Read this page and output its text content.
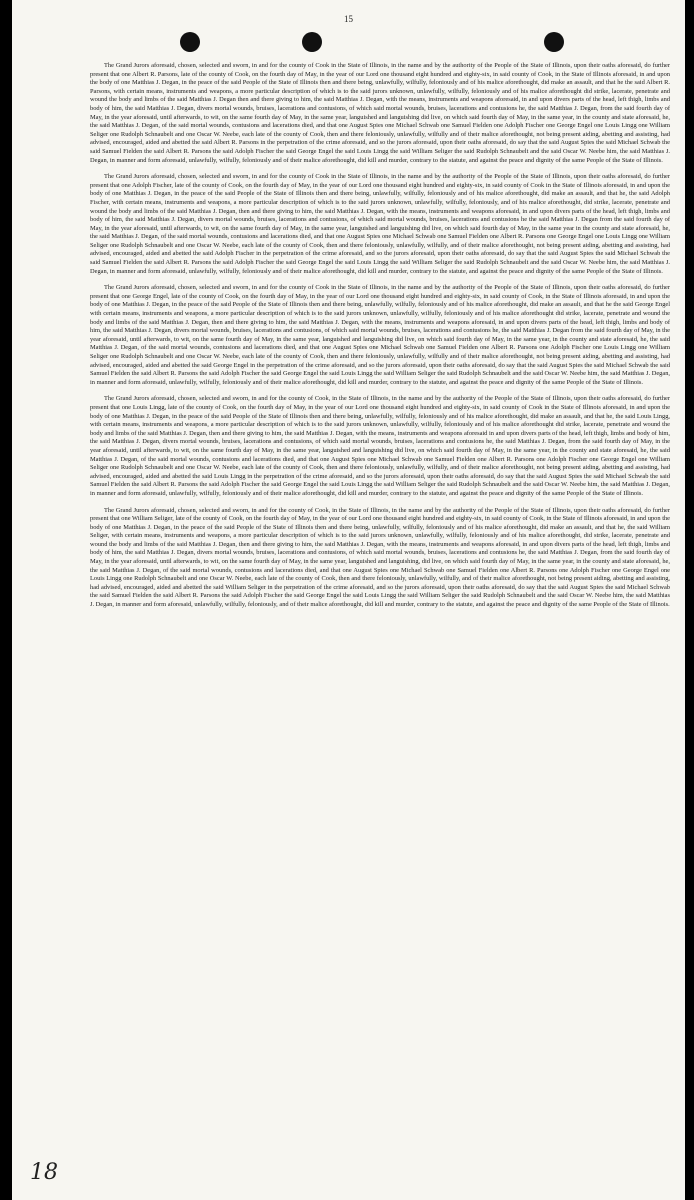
15

The Grand Jurors aforesaid, chosen, selected and sworn, in and for the county of Cook in the State of Illinois, in the name and by the authority of the People of the State of Illinois, upon their oaths aforesaid, do further present that one Albert R. Parsons, late of the county of Cook, on the fourth day of May, in the year of our Lord one thousand eight hundred and eighty-six, in said county of Cook, in the State of Illinois aforesaid, in and upon the body of one Matthias J. Degan, in the peace of the said People of the State of Illinois then and there being, unlawfully, wilfully, feloniously and of his malice aforethought, did make an assault, and that he the said Albert R. Parsons, with certain means, instruments and weapons, a more particular description of which is to the said jurors unknown, unlawfully, wilfully, feloniously and of his malice aforethought did strike, lacerate, penetrate and wound the body and limbs of the said Matthias J. Degan then and there giving to him, the said Matthias J. Degan, with the means, instruments and weapons aforesaid, in and upon divers parts of the head, left thigh, limbs and body of him, the said Matthias J. Degan, divers mortal wounds, bruises, lacerations and contusions, of which said mortal wounds, bruises, lacerations and contusions he, the said Matthias J. Degan, from the said fourth day of May, in the year aforesaid, until afterwards, to wit, on the same fourth day of May, in the same year, languished and languishing did live, on which said fourth day of May, in the same year, in the county and state aforesaid, he, the said Matthias J. Degan, of the said mortal wounds, contusions and lacerations died, and that one August Spies one Michael Schwab one Samuel Fielden one Adolph Fischer one George Engel one Louis Lingg one William Seliger one Rudolph Schnaubelt and one Oscar W. Neebe, each late of the county of Cook, then and there feloniously, unlawfully, wilfully and of their malice aforethought, not being present aiding, abetting and assisting, had advised, encouraged, aided and abetted the said Albert R. Parsons in the perpetration of the crime aforesaid, and so the jurors aforesaid, upon their oaths aforesaid, do say that the said August Spies the said Michael Schwab the said Samuel Fielden the said Albert R. Parsons the said Adolph Fischer the said George Engel the said Louis Lingg the said William Seliger the said Rudolph Schnaubelt and the said Oscar W. Neebe him, the said Matthias J. Degan, in manner and form aforesaid, unlawfully, wilfully, feloniously and of their malice aforethought, did kill and murder, contrary to the statute, and against the peace and dignity of the same People of the State of Illinois.

The Grand Jurors aforesaid, chosen, selected and sworn, in and for the county of Cook in the State of Illinois, in the name and by the authority of the People of the State of Illinois, upon their oaths aforesaid, do further present that one Adolph Fischer, late of the county of Cook, on the fourth day of May, in the year of our Lord one thousand eight hundred and eighty-six, in said county of Cook in the State of Illinois aforesaid, in and upon the body of one Matthias J. Degan, in the peace of the said People of the State of Illinois then and there being, unlawfully, wilfully, feloniously and of his malice aforethought, did make an assault, and that he, the said Adolph Fischer, with certain means, instruments and weapons, a more particular description of which is to the said jurors unknown, unlawfully, wilfully, feloniously, and of his malice aforethought, did strike, lacerate, penetrate and wound the body and limbs of the said Matthias J. Degan, then and there giving to him, the said Matthias J. Degan, with the means, instruments and weapons aforesaid, in and upon divers parts of the head, left thigh, limbs and body of him, the said Matthias J. Degan, divers mortal wounds, bruises, lacerations and contusions, of which said mortal wounds, bruises, lacerations and contusions he the said Matthias J. Degan from the said fourth day of May, in the year aforesaid, until afterwards, to wit, on the same fourth day of May, in the same year, languished and languishing did live, on which said fourth day of May, in the same year in the county and state aforesaid, he, the said Matthias J. Degan, of the said mortal wounds, contusions and lacerations died, and that one August Spies one Michael Schwab one Samuel Fielden one Albert R. Parsons one George Engel one Louis Lingg one William Seliger one Rudolph Schnaubelt and one Oscar W. Neebe, each late of the county of Cook, then and there feloniously, unlawfully, wilfully, and of their malice aforethought, not being present aiding, abetting and assisting, had advised, encouraged, aided and abetted the said Adolph Fischer in the perpetration of the crime aforesaid, and so the jurors aforesaid, upon their oaths aforesaid, do say that the said August Spies the said Michael Schwab the said Samuel Fielden the said Albert R. Parsons the said Adolph Fischer the said George Engel the said Louis Lingg the said William Seliger the said Rudolph Schnaubelt and the said Oscar W. Neebe him, the said Matthias J. Degan, in manner and form aforesaid, unlawfully, wilfully, feloniously and of their malice aforethought, did kill and murder, contrary to the statute, and against the peace and dignity of the same People of the State of Illinois.

The Grand Jurors aforesaid, chosen, selected and sworn, in and for the county of Cook in the State of Illinois, in the name and by the authority of the People of the State of Illinois, upon their oaths aforesaid, do further present that one George Engel, late of the county of Cook, on the fourth day of May, in the year of our Lord one thousand eight hundred and eighty-six, in said county of Cook, in the State of Illinois aforesaid, in and upon the body of one Matthias J. Degan, in the peace of the said People of the State of Illinois then and there being, unlawfully, wilfully, feloniously and of his malice aforethought, did make an assault, and that he the said George Engel with certain means, instruments and weapons, a more particular description of which is to the said jurors unknown, unlawfully, wilfully, feloniously and of his malice aforethought did strike, lacerate, penetrate and wound the body and limbs of the said Matthias J. Degan, then and there giving to him, the said Matthias J. Degan, with the means, instruments and weapons aforesaid, in and upon divers parts of the head, left thigh, limbs and body of him, the said Matthias J. Degan, divers mortal wounds, bruises, lacerations and contusions, of which said mortal wounds, bruises, lacerations and contusions he, the said Matthias J. Degan from the said fourth day of May, in the year aforesaid, until afterwards, to wit, on the same fourth day of May, in the same year, languished and languishing did live, on which said fourth day of May, in the same year, in the county and state aforesaid, he, the said Matthias J. Degan, of the said mortal wounds, contusions and lacerations died, and that one August Spies one Michael Schwab one Samuel Fielden one Albert R. Parsons one Adolph Fischer one Louis Lingg one William Seliger one Rudolph Schnaubelt and one Oscar W. Neebe, each late of the county of Cook, then and there feloniously, unlawfully, wilfully and of their malice aforethought, not being present aiding, abetting and assisting, had advised, encouraged, aided and abetted the said George Engel in the perpetration of the crime aforesaid, and so the jurors aforesaid, upon their oaths aforesaid, do say that the said August Spies the said Michael Schwab the said Samuel Fielden the said Albert R. Parsons the said Adolph Fischer the said George Engel the said Louis Lingg the said William Seliger the said Rudolph Schnaubelt and the said Oscar W. Neebe him, the said Matthias J. Degan, in manner and form aforesaid, unlawfully, wilfully, feloniously and of their malice aforethought, did kill and murder, contrary to the statute, and against the peace and dignity of the same People of the State of Illinois.

The Grand Jurors aforesaid, chosen, selected and sworn, in and for the county of Cook, in the State of Illinois, in the name and by the authority of the People of the State of Illinois, upon their oaths aforesaid, do further present that one Louis Lingg, late of the county of Cook, on the fourth day of May, in the year of our Lord one thousand eight hundred and eighty-six, in said county of Cook in the State of Illinois aforesaid, in and upon the body of one Matthias J. Degan, in the peace of the said People of the State of Illinois then and there being, unlawfully, wilfully, feloniously and of his malice aforethought, did make an assault, and that he, the said Louis Lingg, with certain means, instruments and weapons, a more particular description of which is to the said jurors unknown, unlawfully, wilfully, feloniously and of his malice aforethought did strike, lacerate, penetrate and wound the body and limbs of the said Matthias J. Degan, then and there giving to him, the said Matthias J. Degan, with the means, instruments and weapons aforesaid in and upon divers parts of the head, left thigh, limbs and body of him, the said Matthias J. Degan, divers mortal wounds, bruises, lacerations and contusions, of which said mortal wounds, bruises, lacerations and contusions he, the said Matthias J. Degan, from the said fourth day of May, in the year aforesaid, until afterwards, to wit, on the same fourth day of May, in the same year, languished and languishing did live, on which said fourth day of May, in the same year, in the county and state aforesaid, he, the said Matthias J. Degan, of the said mortal wounds, contusions and lacerations died, and that one August Spies one Michael Schwab one Samuel Fielden one Albert R. Parsons one Adolph Fischer one George Engel one William Seliger one Rudolph Schnaubelt and one Oscar W. Neebe, each late of the county of Cook, then and there feloniously, unlawfully, wilfully, and of their malice aforethought, not being present aiding, abetting and assisting, had advised, encouraged, aided and abetted the said Louis Lingg in the perpetration of the crime aforesaid, and so the jurors aforesaid, upon their oaths aforesaid, do say that the said August Spies the said Michael Schwab the said Samuel Fielden the said Albert R. Parsons the said Adolph Fischer the said George Engel the said Louis Lingg the said William Seliger the said Rudolph Schnaubelt and the said Oscar W. Neebe him, the said Matthias J. Degan, in manner and form aforesaid, unlawfully, wilfully, feloniously and of their malice aforethought, did kill and murder, contrary to the statute, and against the peace and dignity of the same People of the State of Illinois.

The Grand Jurors aforesaid, chosen, selected and sworn, in and for the county of Cook, in the State of Illinois, in the name and by the authority of the People of the State of Illinois, upon their oaths aforesaid, do further present that one William Seliger, late of the county of Cook, on the fourth day of May, in the year of our Lord one thousand eight hundred and eighty-six, in said county of Cook, in the State of Illinois aforesaid, in and upon the body of one Matthias J. Degan, in the peace of the said People of the State of Illinois then and there being, unlawfully, wilfully, feloniously and of his malice aforethought, did make an assault, and that he, the said William Seliger, with certain means, instruments and weapons, a more particular description of which is to the said jurors unknown, unlawfully, wilfully, feloniously and of his malice aforethought, did strike, lacerate, penetrate and wound the body and limbs of the said Matthias J. Degan, then and there giving to him, the said Matthias J. Degan, with the means, instruments and weapons aforesaid, in and upon divers parts of the head, left thigh, limbs and body of him, the said Matthias J. Degan, divers mortal wounds, bruises, lacerations and contusions, of which said mortal wounds, bruises, lacerations and contusions he, the said Matthias J. Degan, from the said fourth day of May, in the year aforesaid, until afterwards, to wit, on the same fourth day of May, in the same year, languished and languishing, did live, on which said fourth day of May, in the same year, in the county and state aforesaid, he, the said Matthias J. Degan, of the said mortal wounds, contusions and lacerations died, and that one August Spies one Michael Schwab one Samuel Fielden one Albert R. Parsons one Adolph Fischer one George Engel one Louis Lingg one Rudolph Schnaubelt and one Oscar W. Neebe, each late of the county of Cook, then and there feloniously, unlawfully, wilfully, and of their malice aforethought, not being present aiding, abetting and assisting, had advised, encouraged, aided and abetted the said William Seliger in the perpetration of the crime aforesaid, and so the jurors aforesaid, upon their oaths aforesaid, do say that the said August Spies the said Michael Schwab the said Samuel Fielden the said Albert R. Parsons the said Adolph Fischer the said George Engel the said Louis Lingg the said William Seliger the said Rudolph Schnaubelt and the said Oscar W. Neebe him, the said Matthias J. Degan, in manner and form aforesaid, unlawfully, wilfully, feloniously, and of their malice aforethought, did kill and murder, contrary to the statute, and against the peace and dignity of the same People of the State of Illinois.

18
